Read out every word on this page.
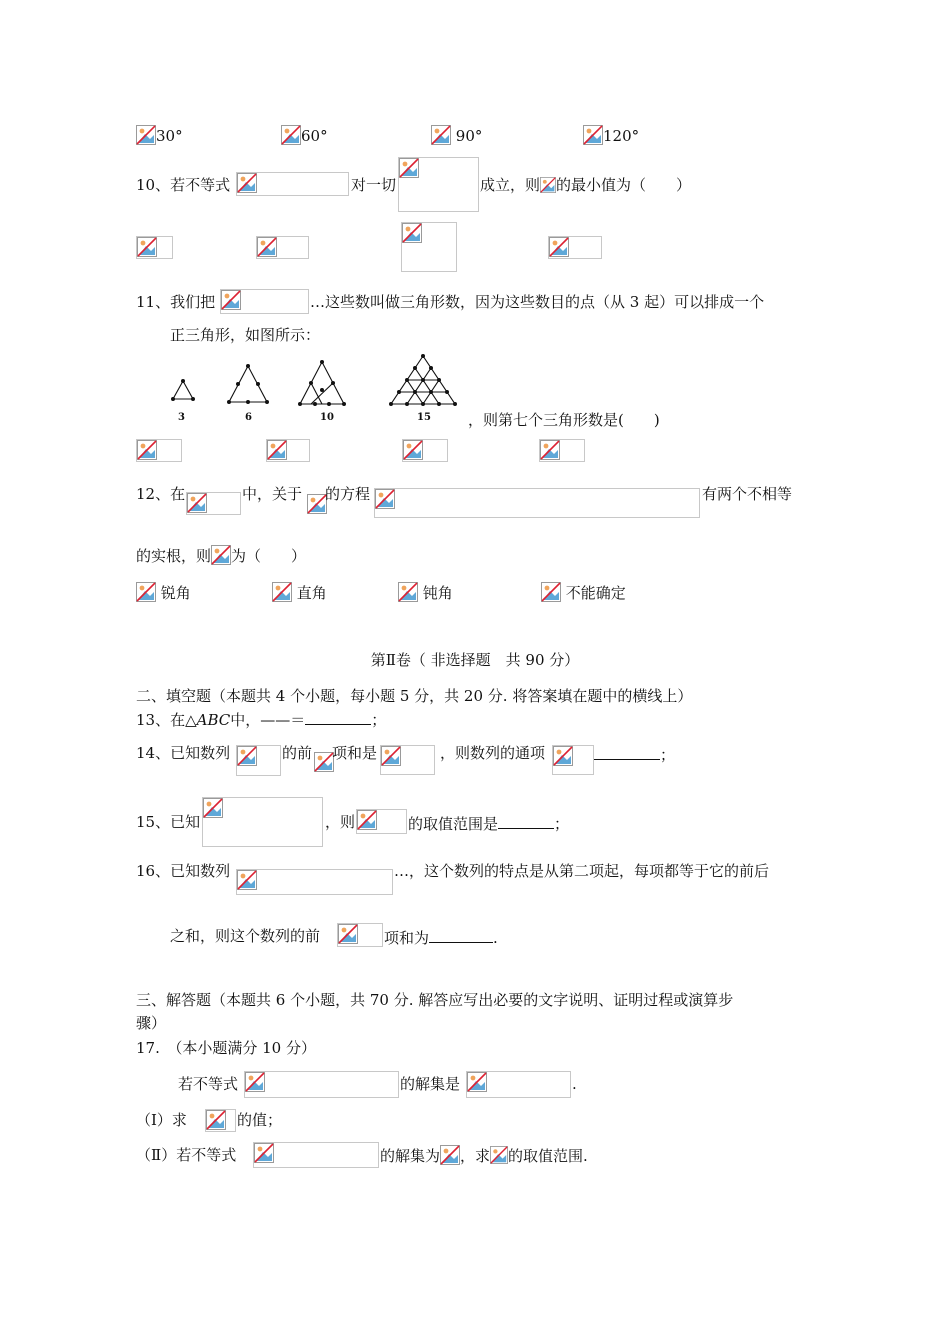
30°	60°	90°	120°
10、若不等式	对一切	成立，则 的最小值为（　　）
11、我们把	…这些数叫做三角形数，因为这些数目的点（从 3 起）可以排成一个
正三角形，如图所示：
3	6	10	15 ，则第七个三角形数是(　　)
12、在	中，关于 的方程	有两个不相等
的实根，则 为（　　）
锐角	直角	钝角	不能确定
第Ⅱ卷（ 非选择题　共 90 分）
二、填空题（本题共 4 个小题，每小题 5 分，共 20 分. 将答案填在题中的横线上）
13、在△ABC中，——＝	；
14、已知数列	的前 项和是	，则数列的通项	；
15、已知	，则	的取值范围是	；
16、已知数列	…，这个数列的特点是从第二项起，每项都等于它的前后
之和，则这个数列的前	项和为	.
三、解答题（本题共 6 个小题，共 70 分. 解答应写出必要的文字说明、证明过程或演算步
骤）
17.　（本小题满分 10 分）
若不等式	的解集是	.
（Ⅰ）求	的值；
（Ⅱ）若不等式	的解集为 ，求 的取值范围.
